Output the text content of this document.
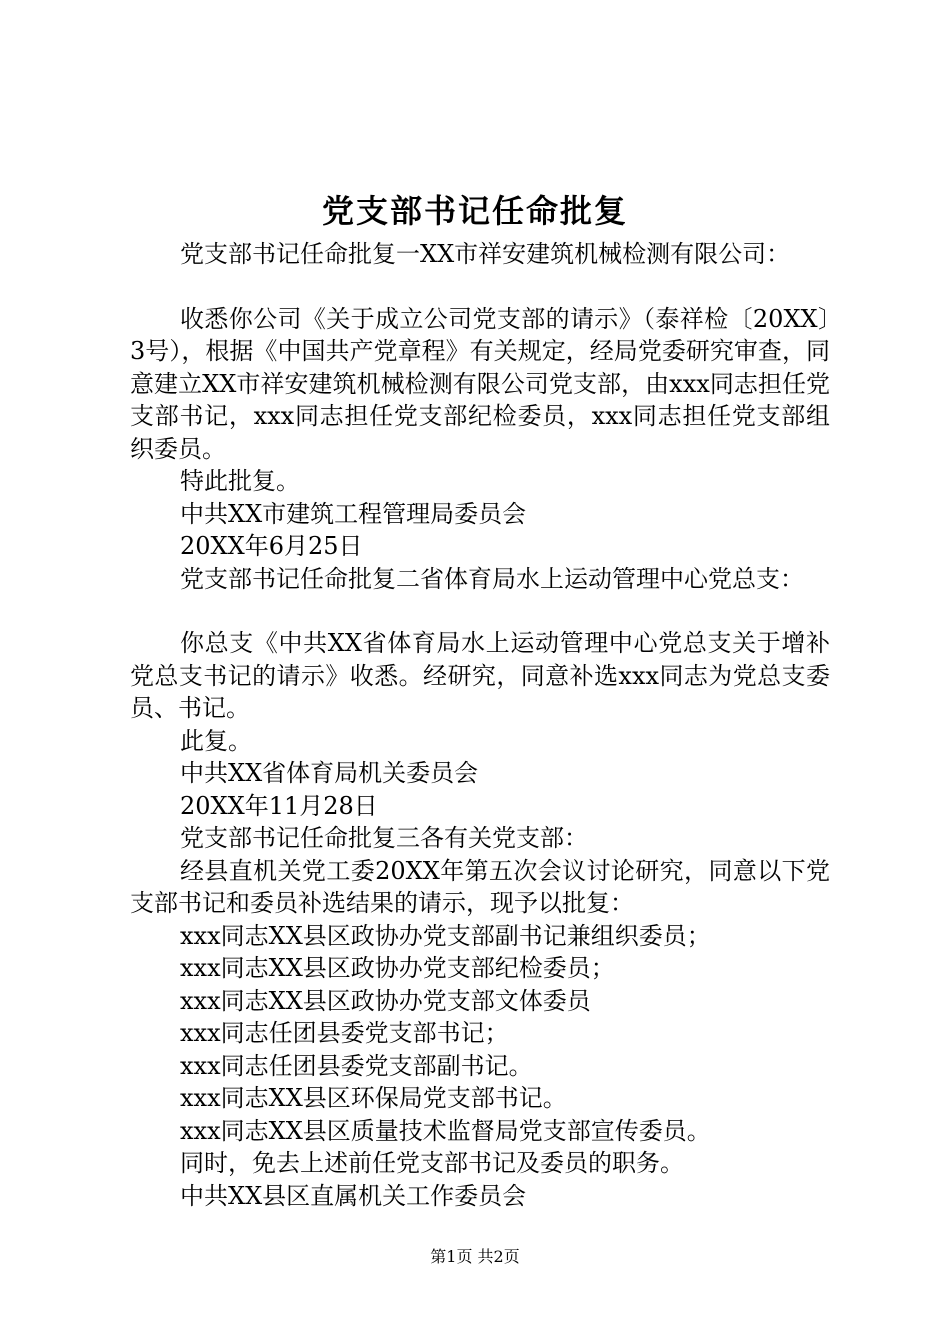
党支部书记任命批复

党支部书记任命批复一XX市祥安建筑机械检测有限公司：

收悉你公司《关于成立公司党支部的请示》（泰祥检〔20XX〕3号），根据《中国共产党章程》有关规定，经局党委研究审查，同意建立XX市祥安建筑机械检测有限公司党支部，由xxx同志担任党支部书记，xxx同志担任党支部纪检委员，xxx同志担任党支部组织委员。

特此批复。

中共XX市建筑工程管理局委员会

20XX年6月25日

党支部书记任命批复二省体育局水上运动管理中心党总支：

你总支《中共XX省体育局水上运动管理中心党总支关于增补党总支书记的请示》收悉。经研究，同意补选xxx同志为党总支委员、书记。

此复。

中共XX省体育局机关委员会

20XX年11月28日

党支部书记任命批复三各有关党支部：

经县直机关党工委20XX年第五次会议讨论研究，同意以下党支部书记和委员补选结果的请示，现予以批复：

xxx同志XX县区政协办党支部副书记兼组织委员；

xxx同志XX县区政协办党支部纪检委员；

xxx同志XX县区政协办党支部文体委员

xxx同志任团县委党支部书记；

xxx同志任团县委党支部副书记。

xxx同志XX县区环保局党支部书记。

xxx同志XX县区质量技术监督局党支部宣传委员。

同时，免去上述前任党支部书记及委员的职务。

中共XX县区直属机关工作委员会

第1页 共2页
